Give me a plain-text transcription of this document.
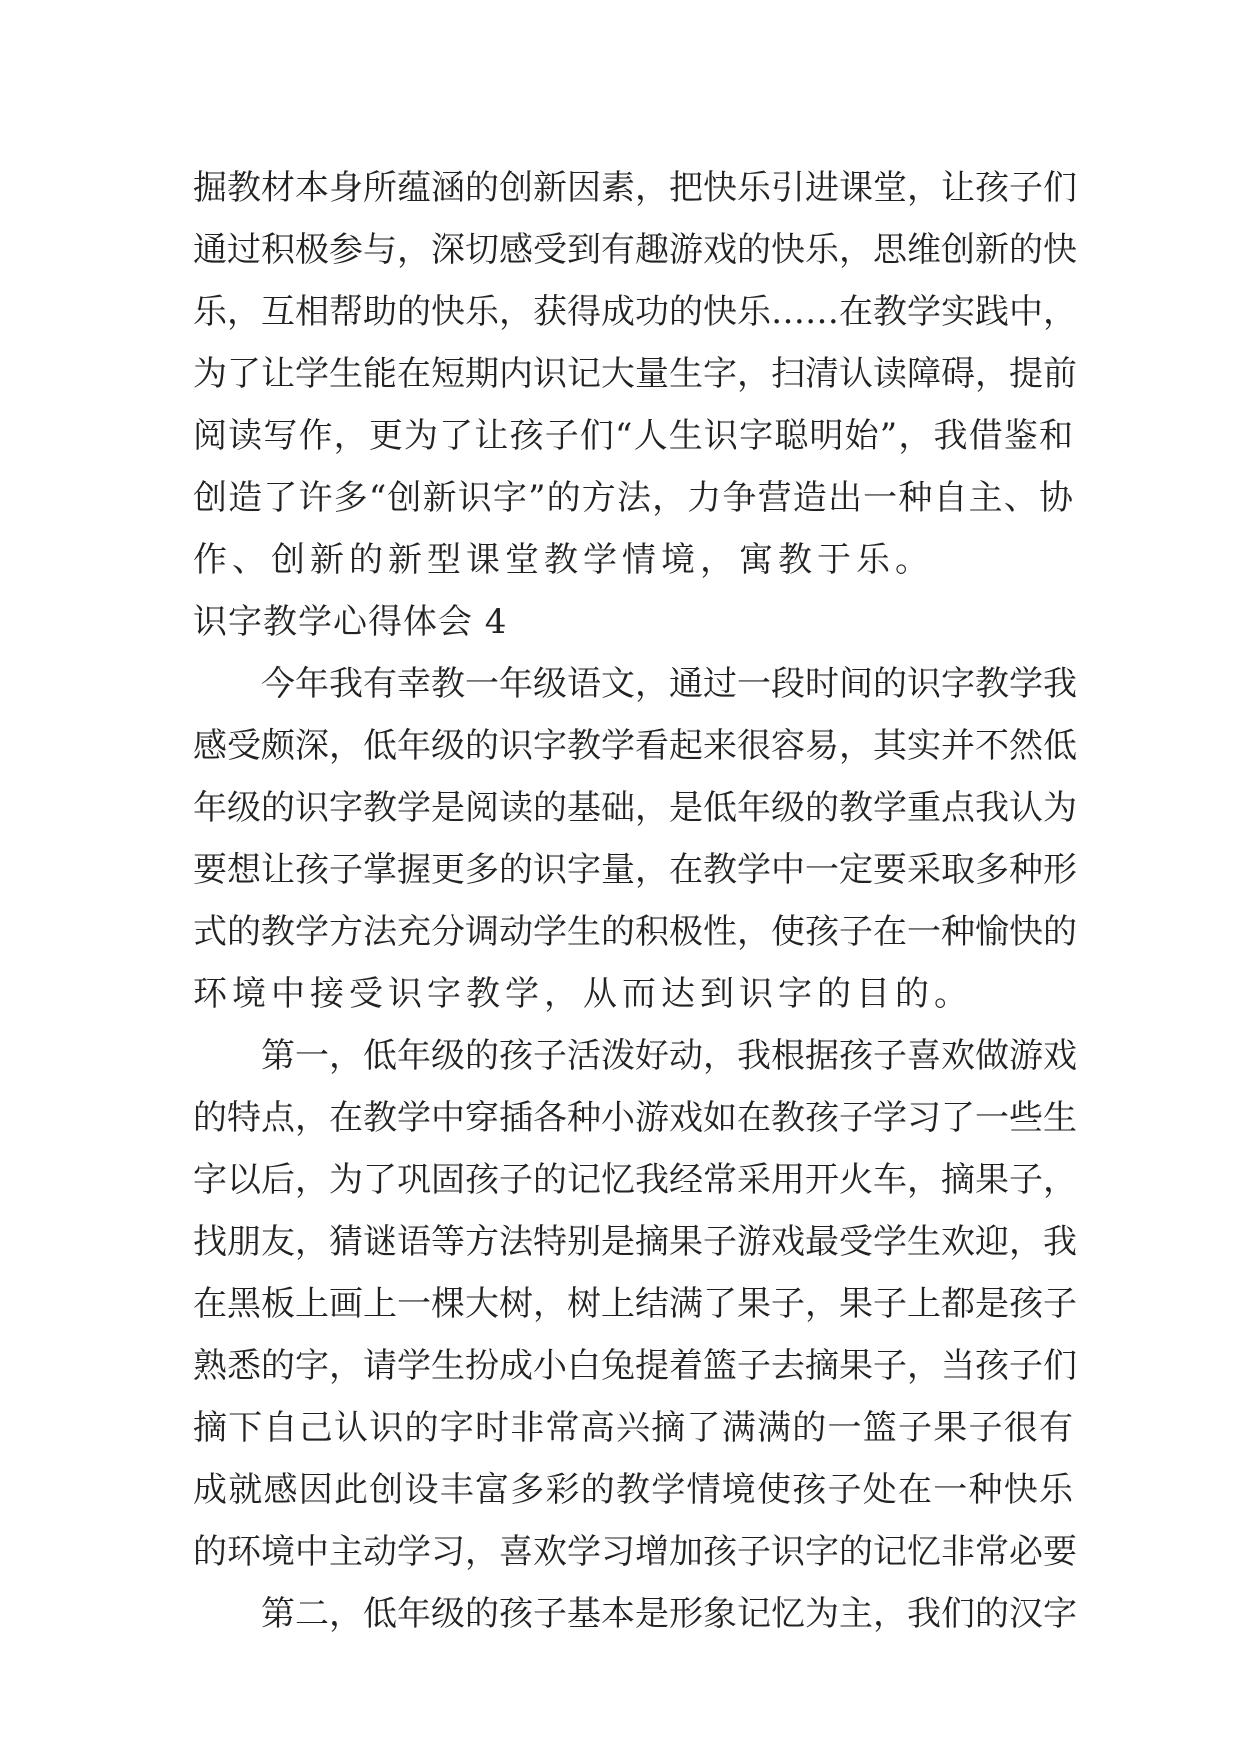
掘教材本身所蕴涵的创新因素，把快乐引进课堂，让孩子们
通过积极参与，深切感受到有趣游戏的快乐，思维创新的快
乐，互相帮助的快乐，获得成功的快乐……在教学实践中，
为了让学生能在短期内识记大量生字，扫清认读障碍，提前
阅读写作，更为了让孩子们“人生识字聪明始”，我借鉴和
创造了许多“创新识字”的方法，力争营造出一种自主、协
作、创新的新型课堂教学情境，寓教于乐。
识字教学心得体会 4
今年我有幸教一年级语文，通过一段时间的识字教学我
感受颇深，低年级的识字教学看起来很容易，其实并不然低
年级的识字教学是阅读的基础，是低年级的教学重点我认为
要想让孩子掌握更多的识字量，在教学中一定要采取多种形
式的教学方法充分调动学生的积极性，使孩子在一种愉快的
环境中接受识字教学，从而达到识字的目的。
第一，低年级的孩子活泼好动，我根据孩子喜欢做游戏
的特点，在教学中穿插各种小游戏如在教孩子学习了一些生
字以后，为了巩固孩子的记忆我经常采用开火车，摘果子，
找朋友，猜谜语等方法特别是摘果子游戏最受学生欢迎，我
在黑板上画上一棵大树，树上结满了果子，果子上都是孩子
熟悉的字，请学生扮成小白兔提着篮子去摘果子，当孩子们
摘下自己认识的字时非常高兴摘了满满的一篮子果子很有
成就感因此创设丰富多彩的教学情境使孩子处在一种快乐
的环境中主动学习，喜欢学习增加孩子识字的记忆非常必要
第二，低年级的孩子基本是形象记忆为主，我们的汉字
